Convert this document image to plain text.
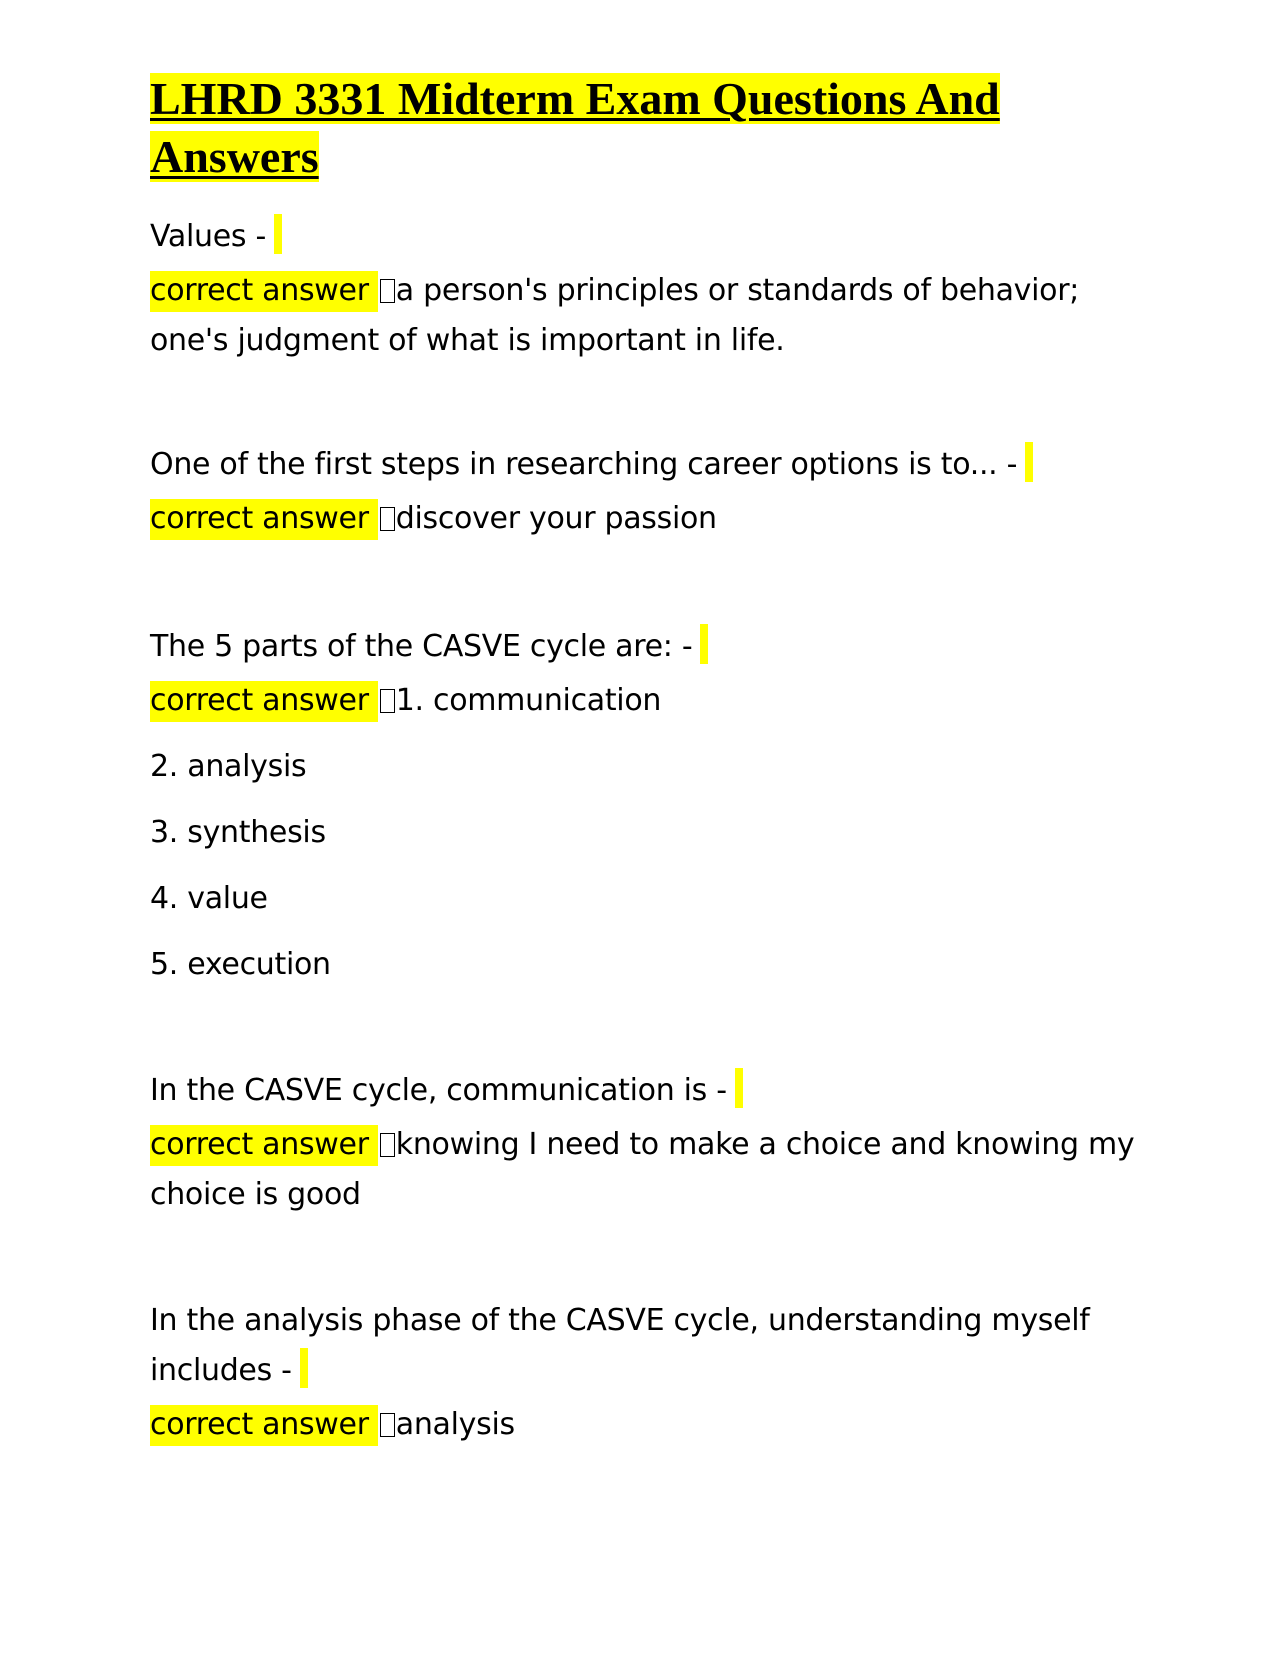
LHRD 3331 Midterm Exam Questions And Answers
Values -
correct answer a person's principles or standards of behavior; one's judgment of what is important in life.
One of the first steps in researching career options is to... -
correct answer discover your passion
The 5 parts of the CASVE cycle are: -
correct answer 1. communication
2. analysis
3. synthesis
4. value
5. execution
In the CASVE cycle, communication is -
correct answer knowing I need to make a choice and knowing my choice is good
In the analysis phase of the CASVE cycle, understanding myself includes -
correct answer analysis
